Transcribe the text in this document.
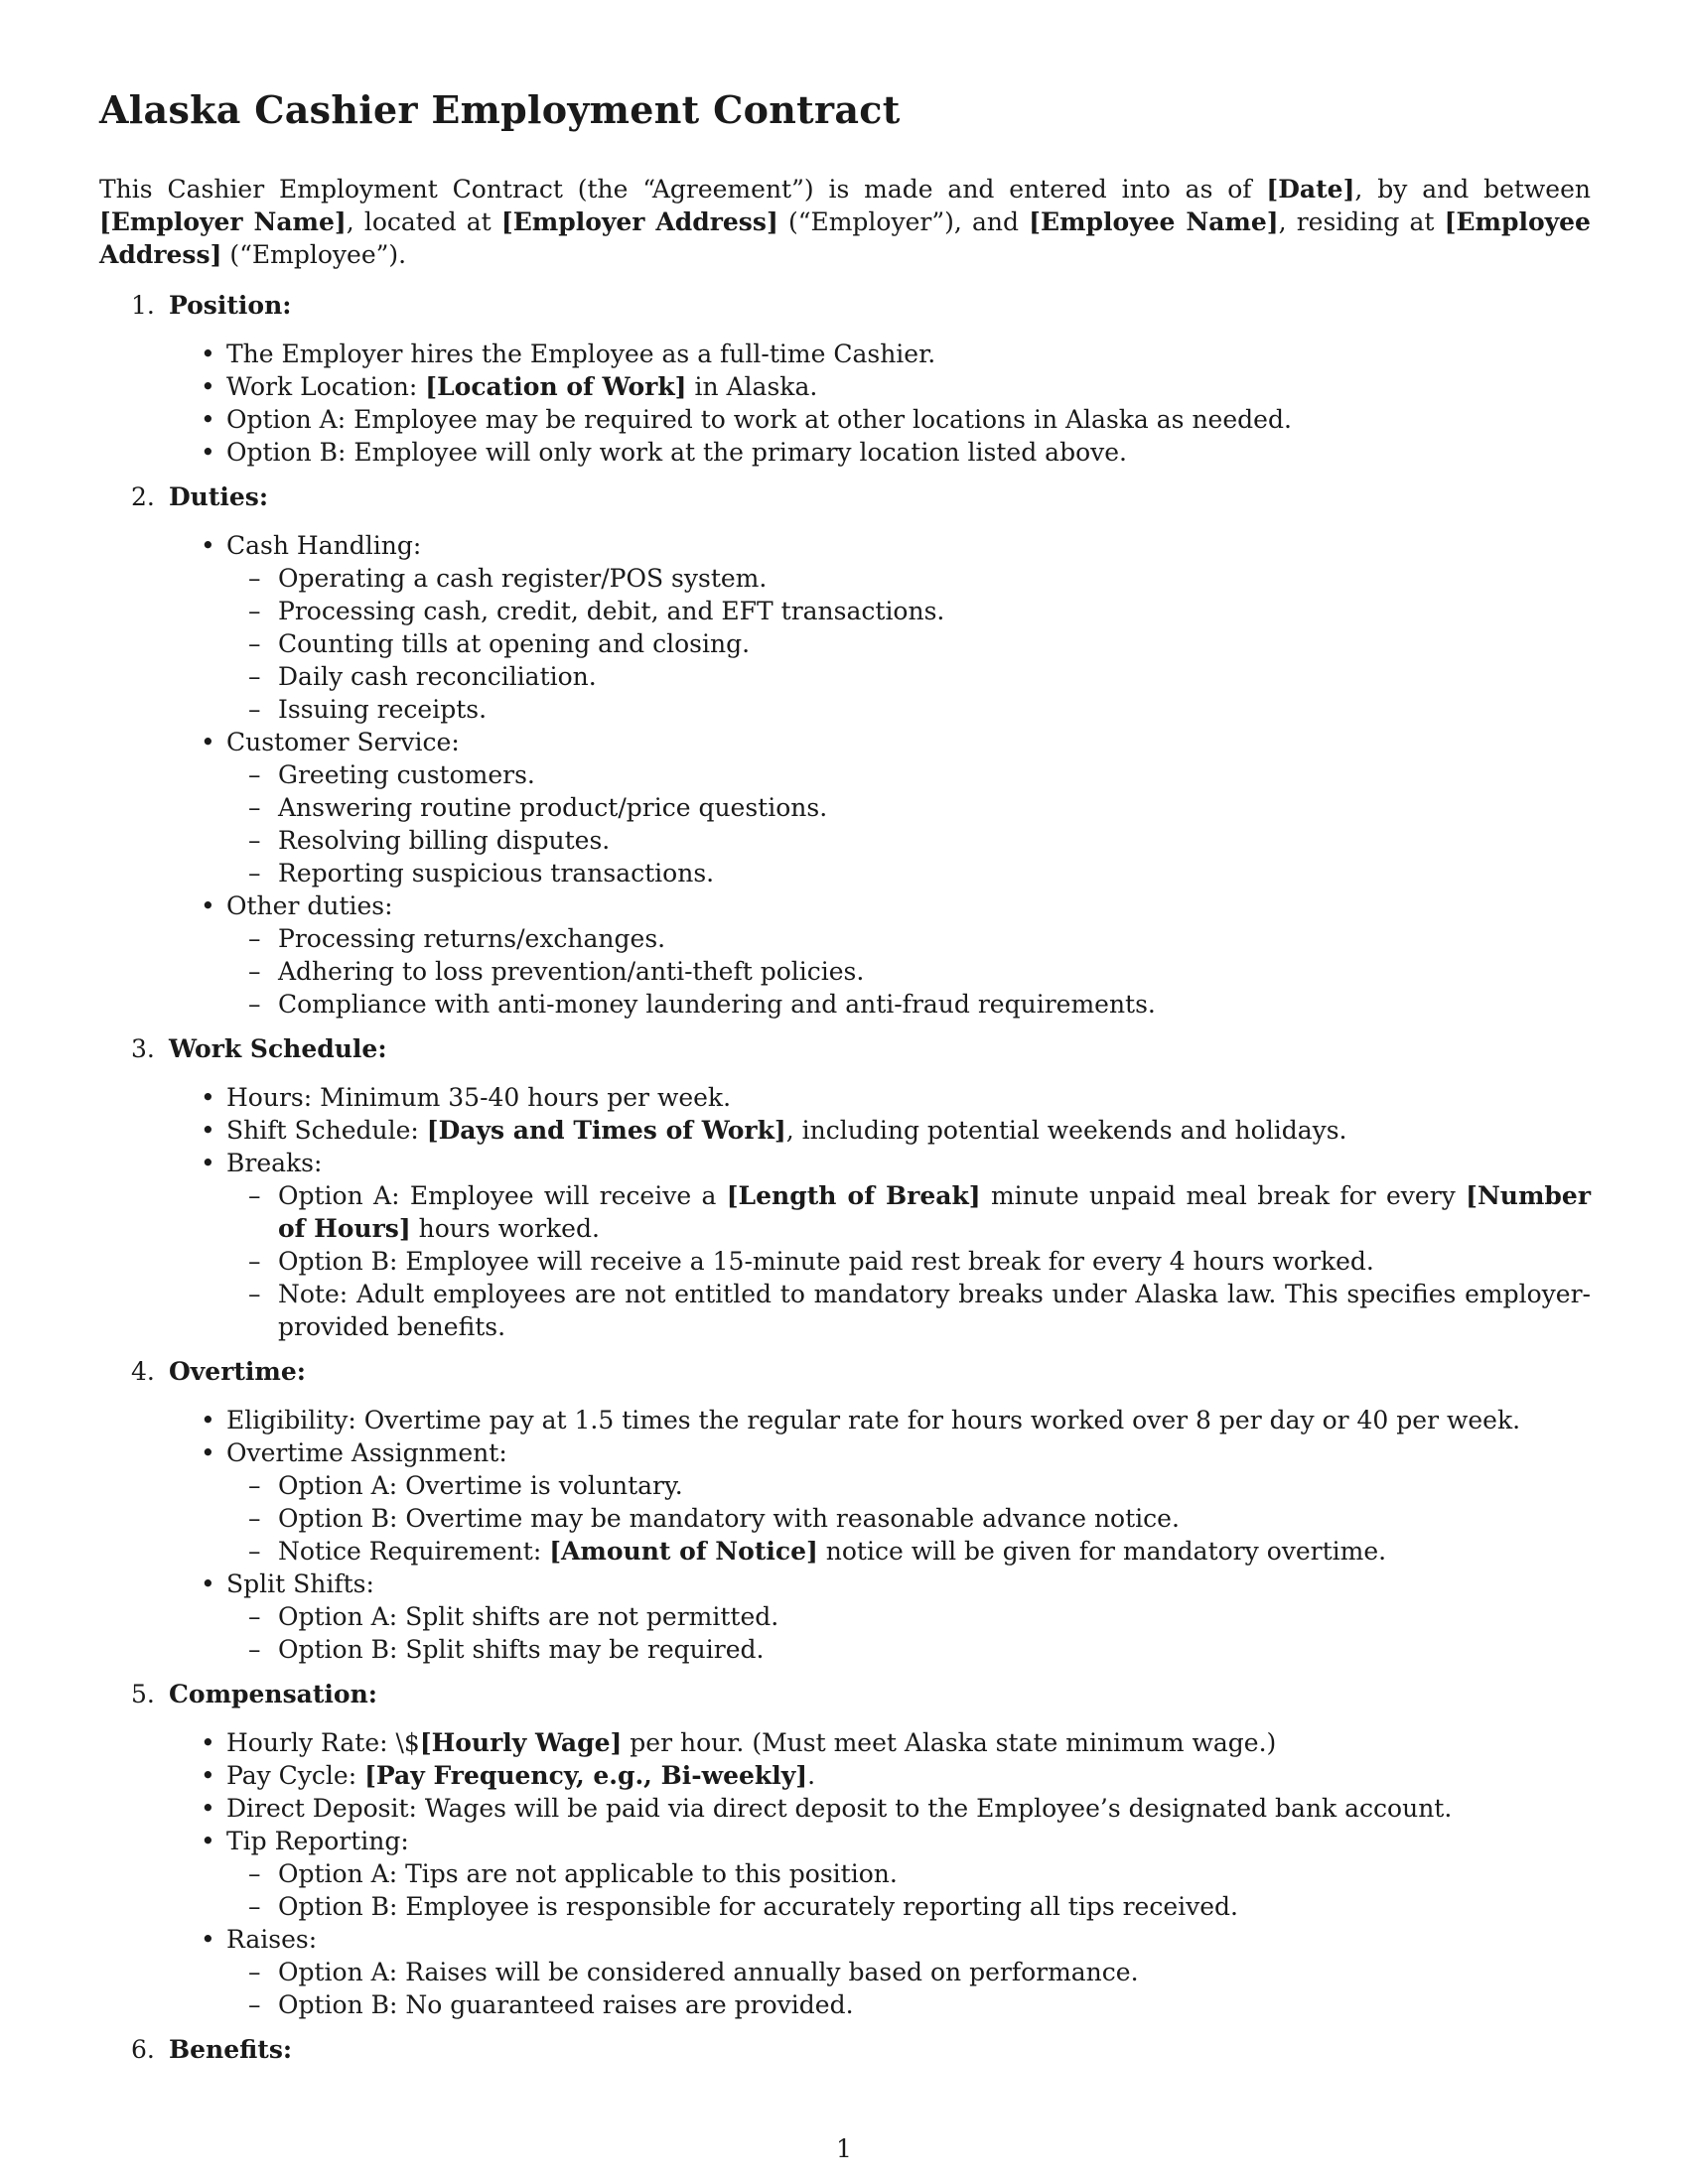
Alaska Cashier Employment Contract

This Cashier Employment Contract (the “Agreement”) is made and entered into as of [Date], by and between [Employer Name], located at [Employer Address] (“Employer”), and [Employee Name], residing at [Employee Address] (“Employee”).

1. Position:
• The Employer hires the Employee as a full-time Cashier.
• Work Location: [Location of Work] in Alaska.
• Option A: Employee may be required to work at other locations in Alaska as needed.
• Option B: Employee will only work at the primary location listed above.
2. Duties:
• Cash Handling:
– Operating a cash register/POS system.
– Processing cash, credit, debit, and EFT transactions.
– Counting tills at opening and closing.
– Daily cash reconciliation.
– Issuing receipts.
• Customer Service:
– Greeting customers.
– Answering routine product/price questions.
– Resolving billing disputes.
– Reporting suspicious transactions.
• Other duties:
– Processing returns/exchanges.
– Adhering to loss prevention/anti-theft policies.
– Compliance with anti-money laundering and anti-fraud requirements.
3. Work Schedule:
• Hours: Minimum 35-40 hours per week.
• Shift Schedule: [Days and Times of Work], including potential weekends and holidays.
• Breaks:
– Option A: Employee will receive a [Length of Break] minute unpaid meal break for every [Number of Hours] hours worked.
– Option B: Employee will receive a 15-minute paid rest break for every 4 hours worked.
– Note: Adult employees are not entitled to mandatory breaks under Alaska law. This specifies employer-provided benefits.
4. Overtime:
• Eligibility: Overtime pay at 1.5 times the regular rate for hours worked over 8 per day or 40 per week.
• Overtime Assignment:
– Option A: Overtime is voluntary.
– Option B: Overtime may be mandatory with reasonable advance notice.
– Notice Requirement: [Amount of Notice] notice will be given for mandatory overtime.
• Split Shifts:
– Option A: Split shifts are not permitted.
– Option B: Split shifts may be required.
5. Compensation:
• Hourly Rate: \$[Hourly Wage] per hour. (Must meet Alaska state minimum wage.)
• Pay Cycle: [Pay Frequency, e.g., Bi-weekly].
• Direct Deposit: Wages will be paid via direct deposit to the Employee’s designated bank account.
• Tip Reporting:
– Option A: Tips are not applicable to this position.
– Option B: Employee is responsible for accurately reporting all tips received.
• Raises:
– Option A: Raises will be considered annually based on performance.
– Option B: No guaranteed raises are provided.
6. Benefits:
1
